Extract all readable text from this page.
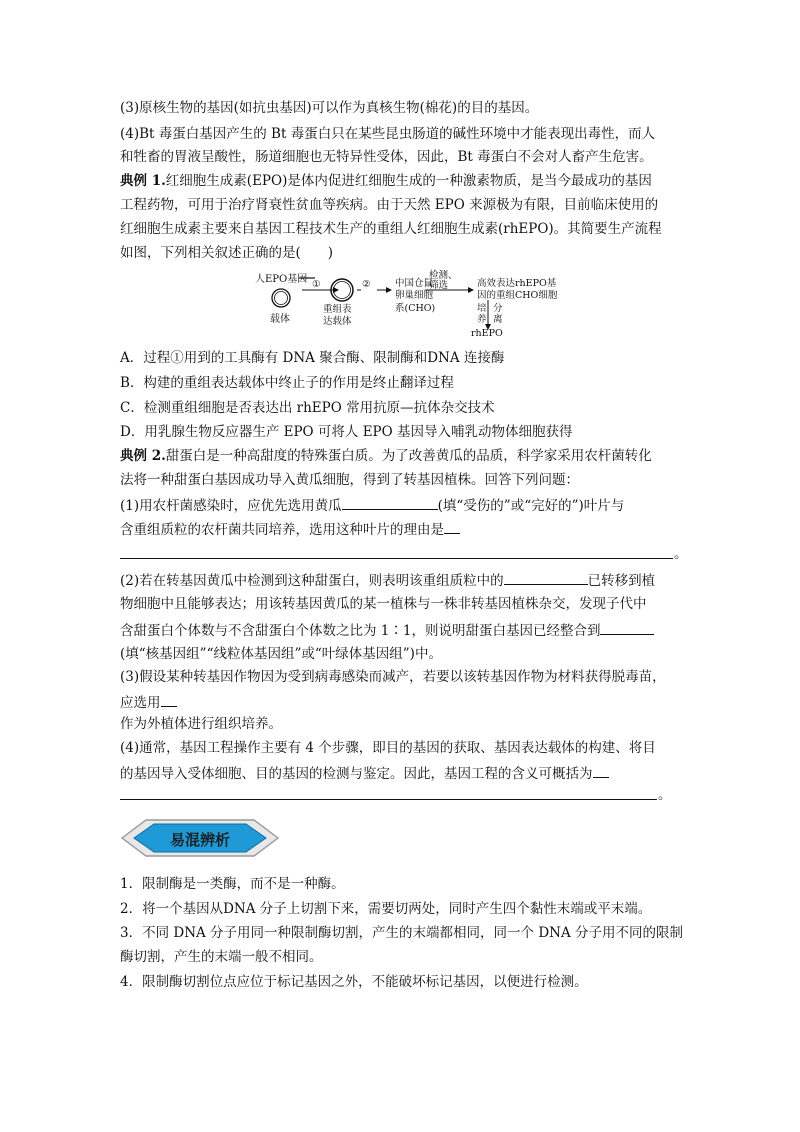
(3)原核生物的基因(如抗虫基因)可以作为真核生物(棉花)的目的基因。
(4)Bt 毒蛋白基因产生的 Bt 毒蛋白只在某些昆虫肠道的碱性环境中才能表现出毒性，而人
和牲畜的胃液呈酸性，肠道细胞也无特异性受体，因此，Bt 毒蛋白不会对人畜产生危害。
典例 1.红细胞生成素(EPO)是体内促进红细胞生成的一种激素物质，是当今最成功的基因
工程药物，可用于治疗肾衰性贫血等疾病。由于天然 EPO 来源极为有限，目前临床使用的
红细胞生成素主要来自基因工程技术生产的重组人红细胞生成素(rhEPO)。其简要生产流程
如图，下列相关叙述正确的是(　　)
人EPO基因 ①	②
载体
重组表
达载体
中国仓鼠
卵巢细胞
系(CHO)
检测、
筛选	高效表达rhEPO基
因的重组CHO细胞
培
养
分
离
rhEPO
A．过程①用到的工具酶有 DNA 聚合酶、限制酶和DNA 连接酶
B．构建的重组表达载体中终止子的作用是终止翻译过程
C．检测重组细胞是否表达出 rhEPO 常用抗原—抗体杂交技术
D．用乳腺生物反应器生产 EPO 可将人 EPO 基因导入哺乳动物体细胞获得
典例 2.甜蛋白是一种高甜度的特殊蛋白质。为了改善黄瓜的品质，科学家采用农杆菌转化
法将一种甜蛋白基因成功导入黄瓜细胞，得到了转基因植株。回答下列问题：
(1)用农杆菌感染时，应优先选用黄瓜	(填“受伤的”或“完好的”)叶片与
含重组质粒的农杆菌共同培养，选用这种叶片的理由是
。
(2)若在转基因黄瓜中检测到这种甜蛋白，则表明该重组质粒中的	已转移到植
物细胞中且能够表达；用该转基因黄瓜的某一植株与一株非转基因植株杂交，发现子代中
含甜蛋白个体数与不含甜蛋白个体数之比为 1∶1，则说明甜蛋白基因已经整合到
(填“核基因组”“线粒体基因组”或“叶绿体基因组”)中。
(3)假设某种转基因作物因为受到病毒感染而减产，若要以该转基因作物为材料获得脱毒苗，
应选用
作为外植体进行组织培养。
(4)通常，基因工程操作主要有 4 个步骤，即目的基因的获取、基因表达载体的构建、将目
的基因导入受体细胞、目的基因的检测与鉴定。因此，基因工程的含义可概括为
。
易混辨析
1．限制酶是一类酶，而不是一种酶。
2．将一个基因从DNA 分子上切割下来，需要切两处，同时产生四个黏性末端或平末端。
3．不同 DNA 分子用同一种限制酶切割，产生的末端都相同，同一个 DNA 分子用不同的限制
酶切割，产生的末端一般不相同。
4．限制酶切割位点应位于标记基因之外，不能破坏标记基因，以便进行检测。
